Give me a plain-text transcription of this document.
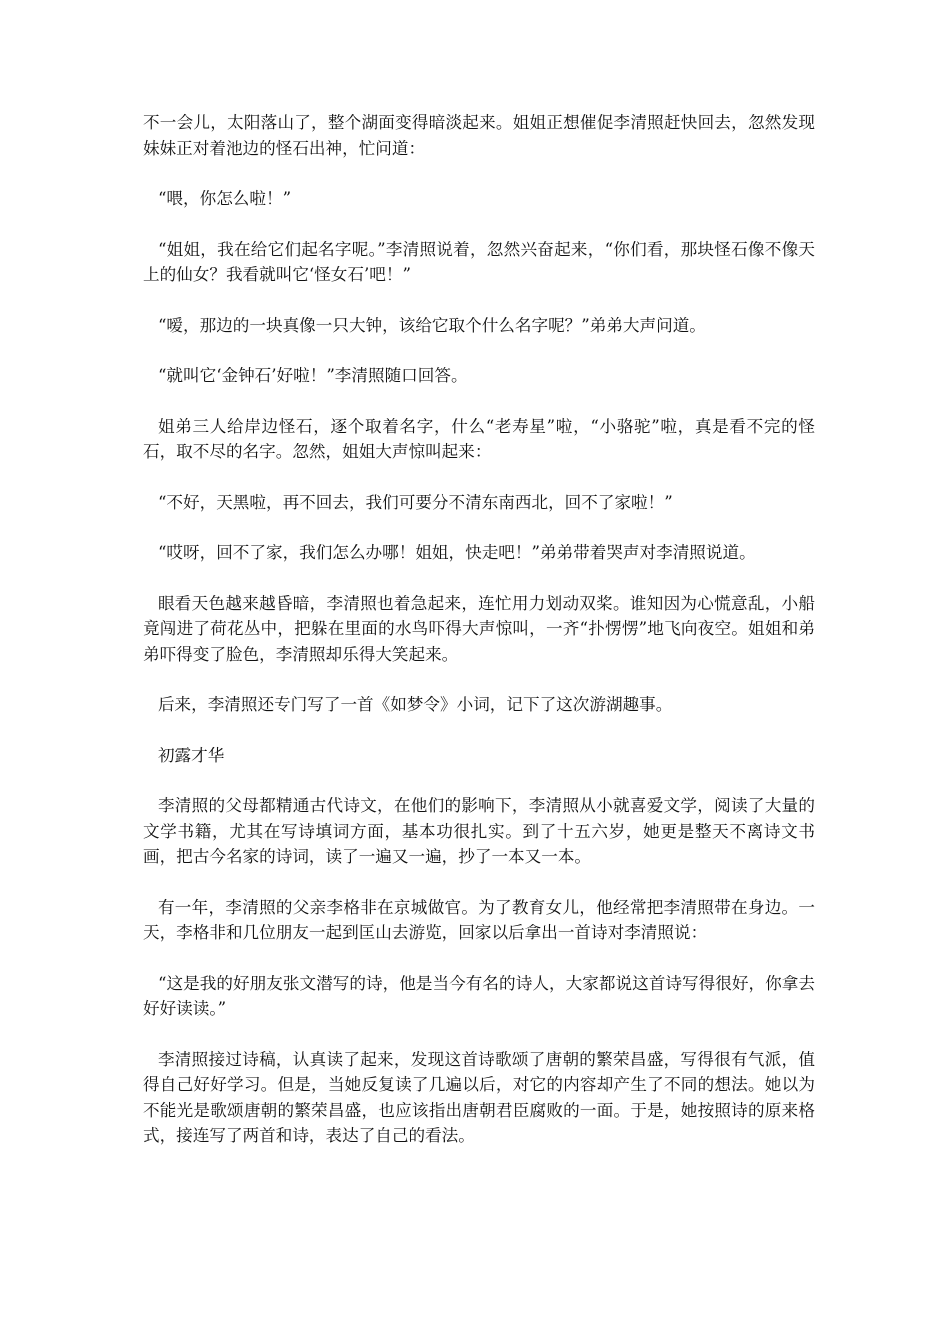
不一会儿，太阳落山了，整个湖面变得暗淡起来。姐姐正想催促李清照赶快回去，忽然发现妹妹正对着池边的怪石出神，忙问道：

“喂，你怎么啦！”

“姐姐，我在给它们起名字呢。”李清照说着，忽然兴奋起来，“你们看，那块怪石像不像天上的仙女？我看就叫它‘怪女石’吧！”

“嗳，那边的一块真像一只大钟，该给它取个什么名字呢？”弟弟大声问道。

“就叫它‘金钟石’好啦！”李清照随口回答。

姐弟三人给岸边怪石，逐个取着名字，什么“老寿星”啦，“小骆驼”啦，真是看不完的怪石，取不尽的名字。忽然，姐姐大声惊叫起来：

“不好，天黑啦，再不回去，我们可要分不清东南西北，回不了家啦！”

“哎呀，回不了家，我们怎么办哪！姐姐，快走吧！”弟弟带着哭声对李清照说道。

眼看天色越来越昏暗，李清照也着急起来，连忙用力划动双桨。谁知因为心慌意乱，小船竟闯进了荷花丛中，把躲在里面的水鸟吓得大声惊叫，一齐“扑愣愣”地飞向夜空。姐姐和弟弟吓得变了脸色，李清照却乐得大笑起来。

后来，李清照还专门写了一首《如梦令》小词，记下了这次游湖趣事。

初露才华

李清照的父母都精通古代诗文，在他们的影响下，李清照从小就喜爱文学，阅读了大量的文学书籍，尤其在写诗填词方面，基本功很扎实。到了十五六岁，她更是整天不离诗文书画，把古今名家的诗词，读了一遍又一遍，抄了一本又一本。

有一年，李清照的父亲李格非在京城做官。为了教育女儿，他经常把李清照带在身边。一天，李格非和几位朋友一起到匡山去游览，回家以后拿出一首诗对李清照说：

“这是我的好朋友张文潜写的诗，他是当今有名的诗人，大家都说这首诗写得很好，你拿去好好读读。”

李清照接过诗稿，认真读了起来，发现这首诗歌颂了唐朝的繁荣昌盛，写得很有气派，值得自己好好学习。但是，当她反复读了几遍以后，对它的内容却产生了不同的想法。她以为不能光是歌颂唐朝的繁荣昌盛，也应该指出唐朝君臣腐败的一面。于是，她按照诗的原来格式，接连写了两首和诗，表达了自己的看法。
